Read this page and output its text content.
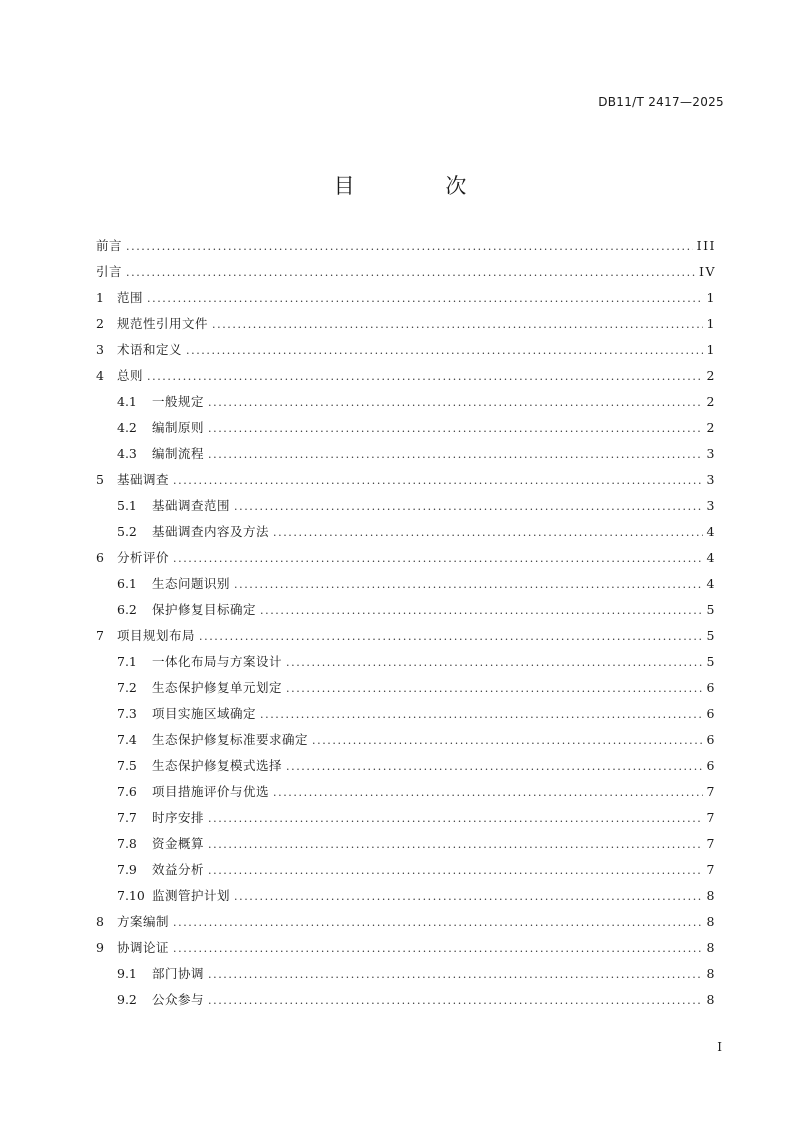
DB11/T 2417—2025
目 次
前言 .....	III
引言 .....	IV
1	范围 .....	1
2	规范性引用文件 .....	1
3	术语和定义 .....	1
4	总则 .....	2
4.1	一般规定 .....	2
4.2	编制原则 .....	2
4.3	编制流程 .....	3
5	基础调查 .....	3
5.1	基础调查范围 .....	3
5.2	基础调查内容及方法 .....	4
6	分析评价 .....	4
6.1	生态问题识别 .....	4
6.2	保护修复目标确定 .....	5
7	项目规划布局 .....	5
7.1	一体化布局与方案设计 .....	5
7.2	生态保护修复单元划定 .....	6
7.3	项目实施区域确定 .....	6
7.4	生态保护修复标准要求确定 .....	6
7.5	生态保护修复模式选择 .....	6
7.6	项目措施评价与优选 .....	7
7.7	时序安排 .....	7
7.8	资金概算 .....	7
7.9	效益分析 .....	7
7.10 监测管护计划 .....	8
8	方案编制 .....	8
9	协调论证 .....	8
9.1	部门协调 .....	8
9.2	公众参与 .....	8
I
